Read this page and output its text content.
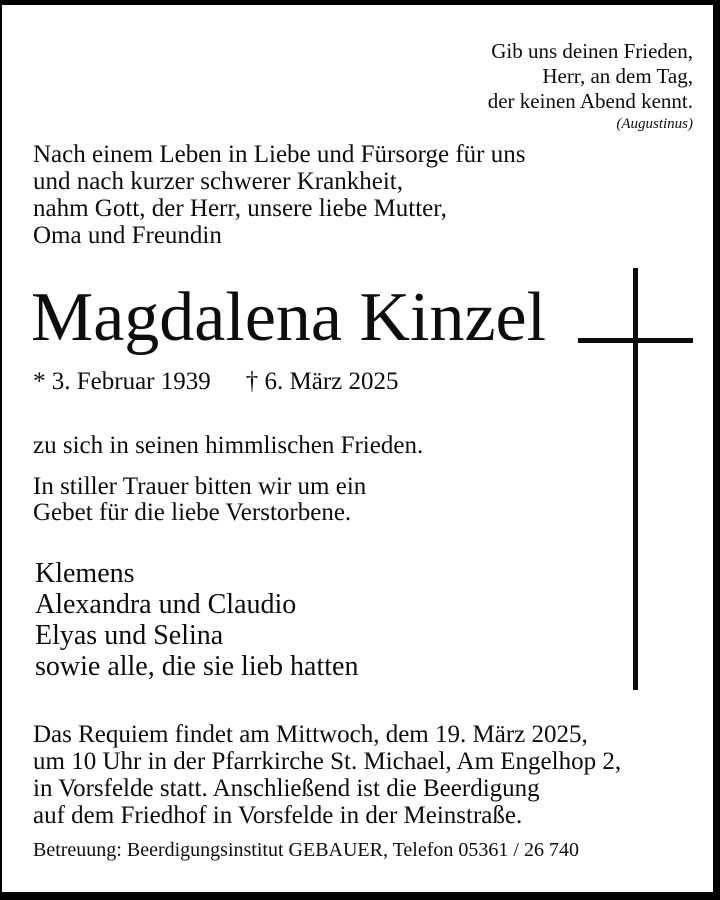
Gib uns deinen Frieden,
Herr, an dem Tag,
der keinen Abend kennt.
(Augustinus)
Nach einem Leben in Liebe und Fürsorge für uns
und nach kurzer schwerer Krankheit,
nahm Gott, der Herr, unsere liebe Mutter,
Oma und Freundin
Magdalena Kinzel
* 3. Februar 1939 † 6. März 2025
zu sich in seinen himmlischen Frieden.
In stiller Trauer bitten wir um ein
Gebet für die liebe Verstorbene.
Klemens
Alexandra und Claudio
Elyas und Selina
sowie alle, die sie lieb hatten
Das Requiem findet am Mittwoch, dem 19. März 2025,
um 10 Uhr in der Pfarrkirche St. Michael, Am Engelhop 2,
in Vorsfelde statt. Anschließend ist die Beerdigung
auf dem Friedhof in Vorsfelde in der Meinstraße.
Betreuung: Beerdigungsinstitut GEBAUER, Telefon 05361 / 26 740
